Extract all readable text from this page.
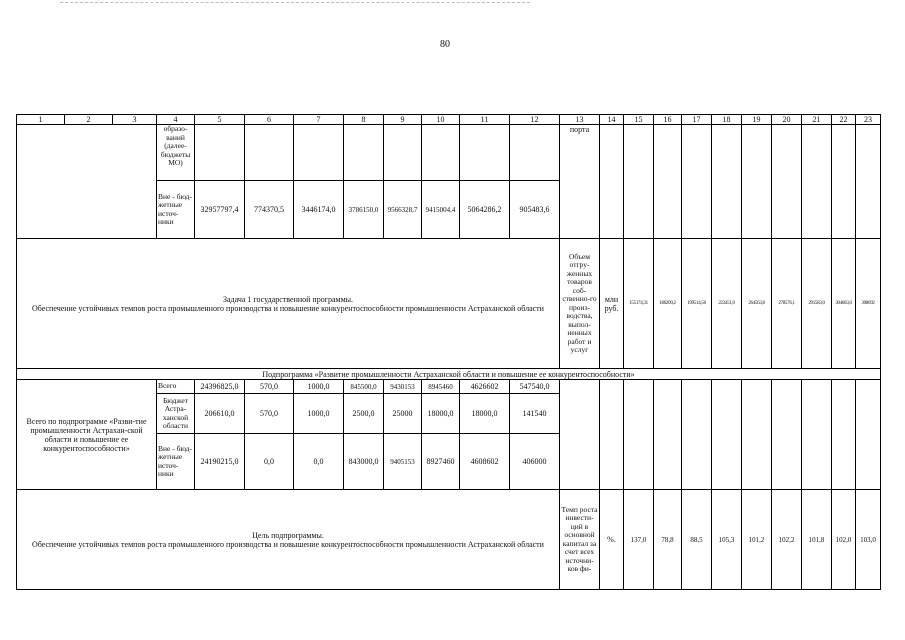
80
1	2	3	4	5	6	7	8	9	10	11	12	13	14	15	16	17	18	19	20	21	22	23
			образо-ваний (далее-бюджеты МО)									порта										
			Вне - бюд-жетные источ-ники	32957797,4	774370,5	3446174,0	3786150,0	9566328,7	9415004,4	5064286,2	905483,6											

Задача 1 государственной программы.
Обеспечение устойчивых темпов роста промышленного производства и повышение конкурентоспособности промышленности Астраханской области												Объем отгру-женных товаров соб-ственно-го произ-водства, выпол-ненных работ и услуг	млн руб.	155174,31	186209,2	199514,56	223451,0	264563,8	278576,1	291583,0	304683,0	308692
Подпрограмма «Развитие промышленности Астраханской области и повышение ее конкурентоспособности»																						
Всего по подпрограмме «Разви-тие промышленности Астрахан-ской области и повышение ее конкурентоспособности»			Всего	24396825,0	570,0	1000,0	845500,0	9430153	8945460	4626602	547540,0											
			Бюджет Астра-ханской области	206610,0	570,0	1000,0	2500,0	25000	18000,0	18000,0	141540											
			Вне - бюд-жетные источ-ники	24190215,0	0,0	0,0	843000,0	9405153	8927460	4608602	406000											

Цель подпрограммы.
Обеспечение устойчивых темпов роста промышленного производства и повышение конкурентоспособности промышленности Астраханской области												Темп роста инвести-ций в основной капитал за счет всех источни-ков фи-	%.	137,0	78,8	88,5	105,3	101,2	102,2	101,8	102,0	103,0
